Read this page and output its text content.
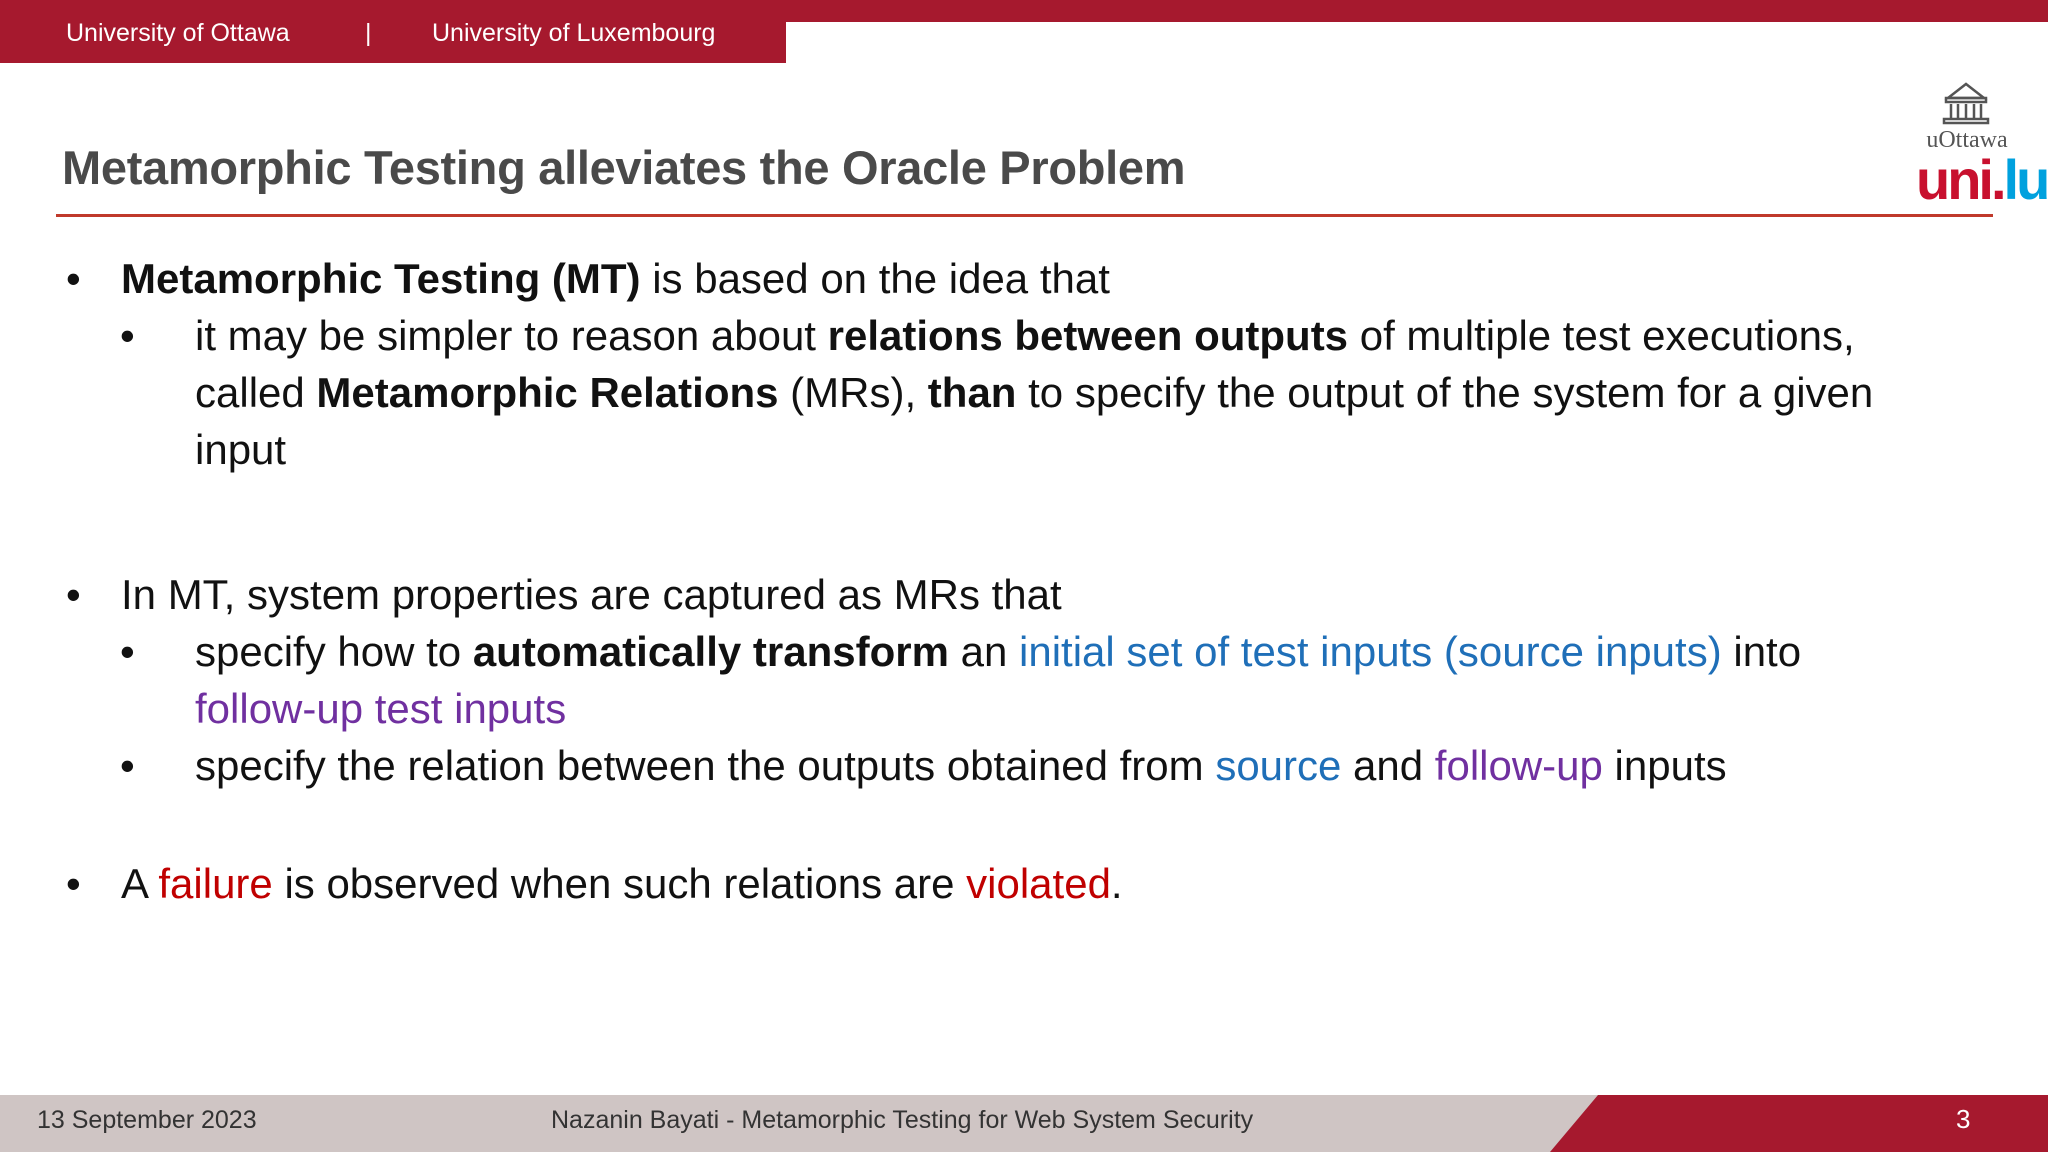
University of Ottawa	| University of Luxembourg
uOttawa
uni.lu
Metamorphic Testing alleviates the Oracle Problem
• Metamorphic Testing (MT) is based on the idea that
• it may be simpler to reason about relations between outputs of multiple test executions,
called Metamorphic Relations (MRs), than to specify the output of the system for a given
input
• In MT, system properties are captured as MRs that
• specify how to automatically transform an initial set of test inputs (source inputs) into
follow-up test inputs
• specify the relation between the outputs obtained from source and follow-up inputs
• A failure is observed when such relations are violated.
13 September 2023	Nazanin Bayati - Metamorphic Testing for Web System Security	3
